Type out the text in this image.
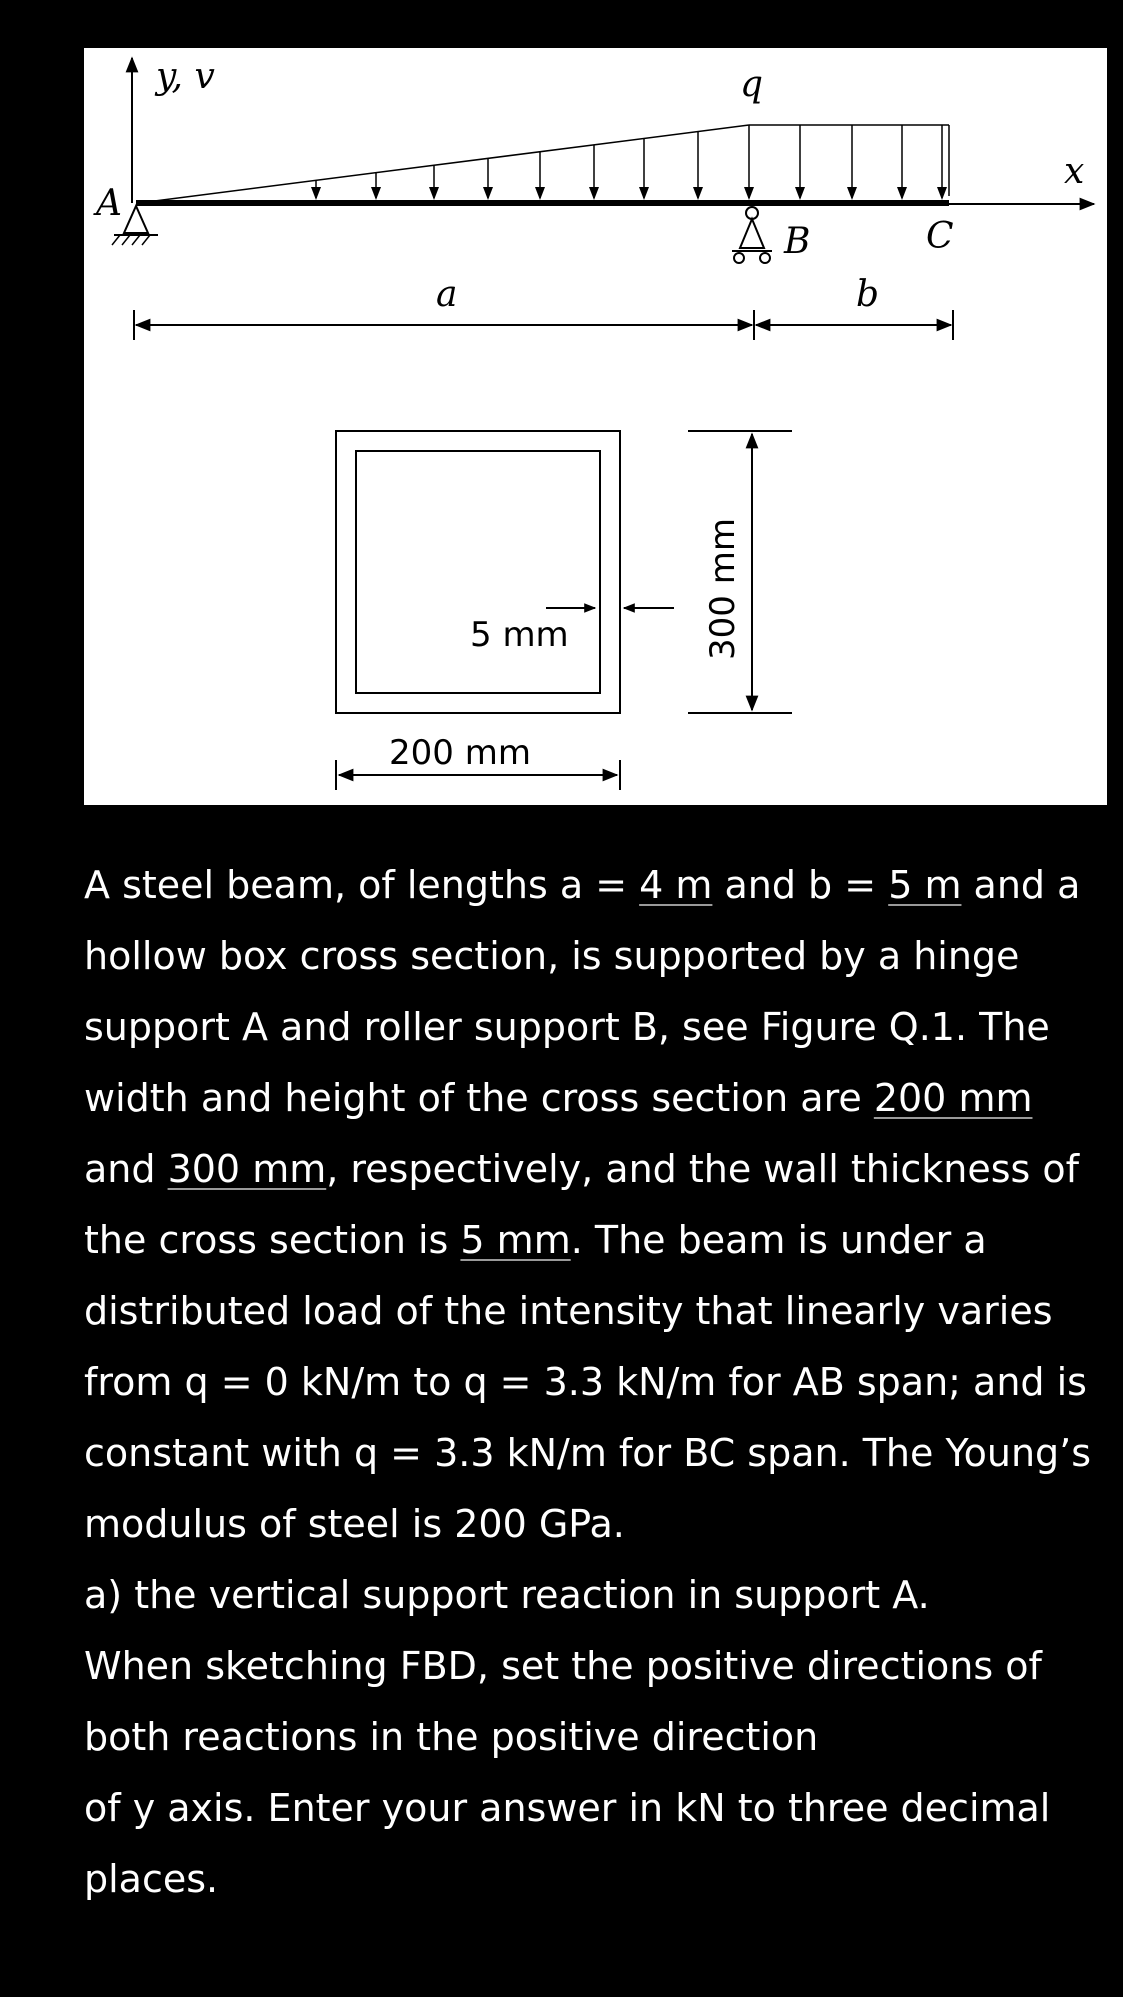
y, v
x
q
A
B	C
a	b
5 mm	300 mm
200 mm

A steel beam, of lengths a = 4 m and b = 5 m and a hollow box cross section, is supported by a hinge support A and roller support B, see Figure Q.1. The width and height of the cross section are 200 mm and 300 mm, respectively, and the wall thickness of the cross section is 5 mm. The beam is under a distributed load of the intensity that linearly varies from q = 0 kN/m to q = 3.3 kN/m for AB span; and is constant with q = 3.3 kN/m for BC span. The Young’s modulus of steel is 200 GPa.

a) the vertical support reaction in support A.

When sketching FBD, set the positive directions of both reactions in the positive direction

of y axis. Enter your answer in kN to three decimal places.
